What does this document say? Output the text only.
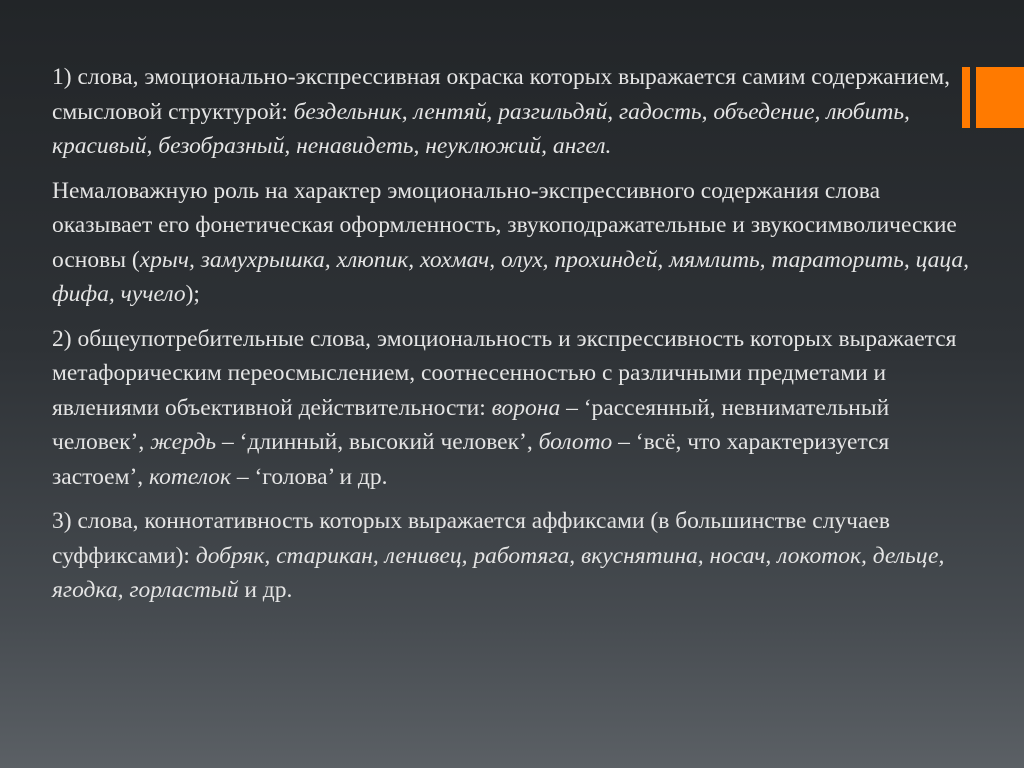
1) слова, эмоционально-экспрессивная окраска которых выражается самим содержанием, смысловой структурой: бездельник, лентяй, разгильдяй, гадость, объедение, любить, красивый, безобразный, ненавидеть, неуклюжий, ангел.

Немаловажную роль на характер эмоционально-экспрессивного содержания слова оказывает его фонетическая оформленность, звукоподражательные и звукосимволические основы (хрыч, замухрышка, хлюпик, хохмач, олух, прохиндей, мямлить, тараторить, цаца, фифа, чучело);

2) общеупотребительные слова, эмоциональность и экспрессивность которых выражается метафорическим переосмыслением, соотнесенностью с различными предметами и явлениями объективной действительности: ворона – ‘рассеянный, невнимательный человек’, жердь – ‘длинный, высокий человек’, болото – ‘всё, что характеризуется застоем’, котелок – ‘голова’ и др.

3) слова, коннотативность которых выражается аффиксами (в большинстве случаев суффиксами): добряк, старикан, ленивец, работяга, вкуснятина, носач, локоток, дельце, ягодка, горластый и др.
